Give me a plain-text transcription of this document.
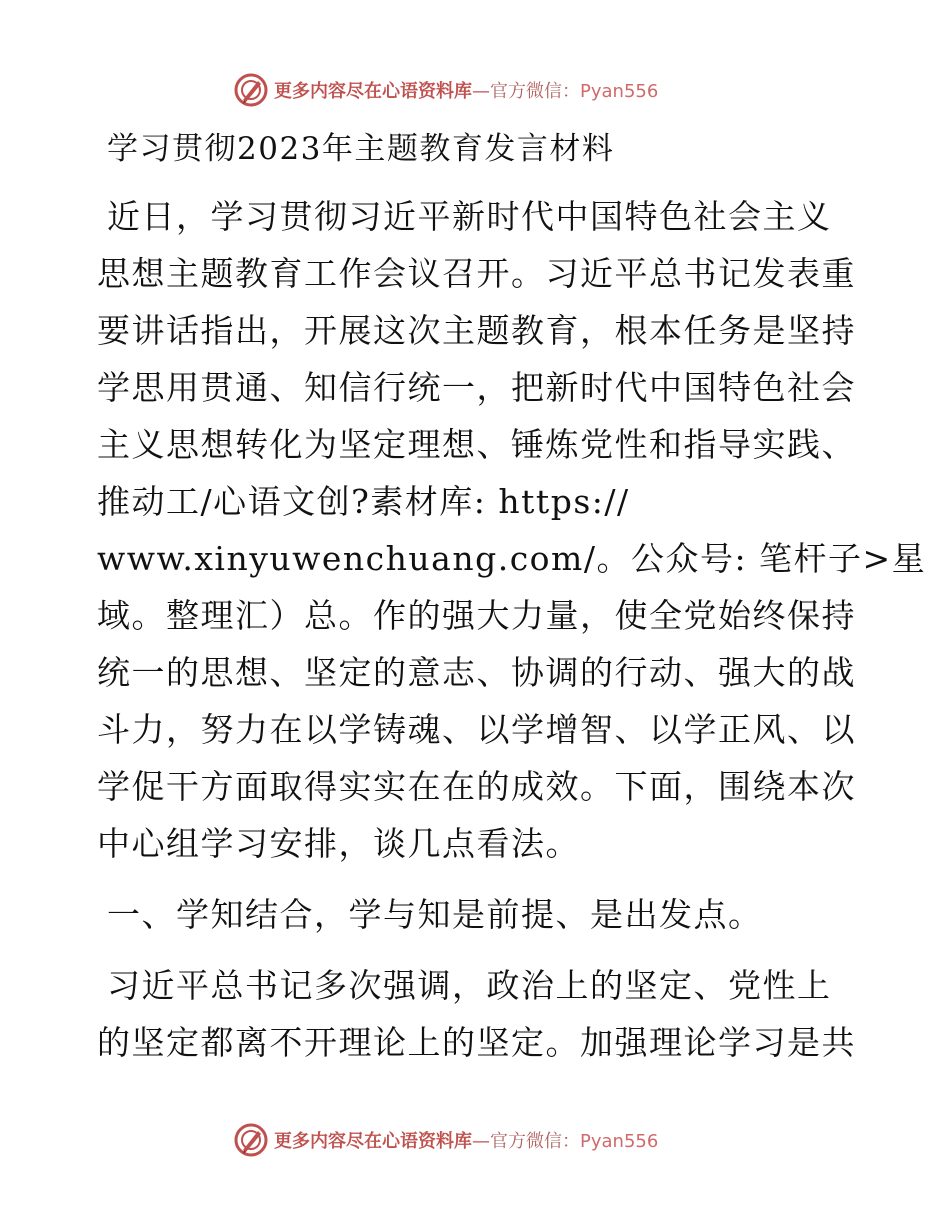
更多内容尽在心语资料库—官方微信：Pyan556
学习贯彻2023年主题教育发言材料

近日，学习贯彻习近平新时代中国特色社会主义
思想主题教育工作会议召开。习近平总书记发表重
要讲话指出，开展这次主题教育，根本任务是坚持
学思用贯通、知信行统一，把新时代中国特色社会
主义思想转化为坚定理想、锤炼党性和指导实践、
推动工/心语文创?素材库: https://
www.xinyuwenchuang.com/。公众号: 笔杆子>星
域。整理汇）总。作的强大力量，使全党始终保持
统一的思想、坚定的意志、协调的行动、强大的战
斗力，努力在以学铸魂、以学增智、以学正风、以
学促干方面取得实实在在的成效。下面，围绕本次
中心组学习安排，谈几点看法。

一、学知结合，学与知是前提、是出发点。

习近平总书记多次强调，政治上的坚定、党性上
的坚定都离不开理论上的坚定。加强理论学习是共

更多内容尽在心语资料库—官方微信：Pyan556
